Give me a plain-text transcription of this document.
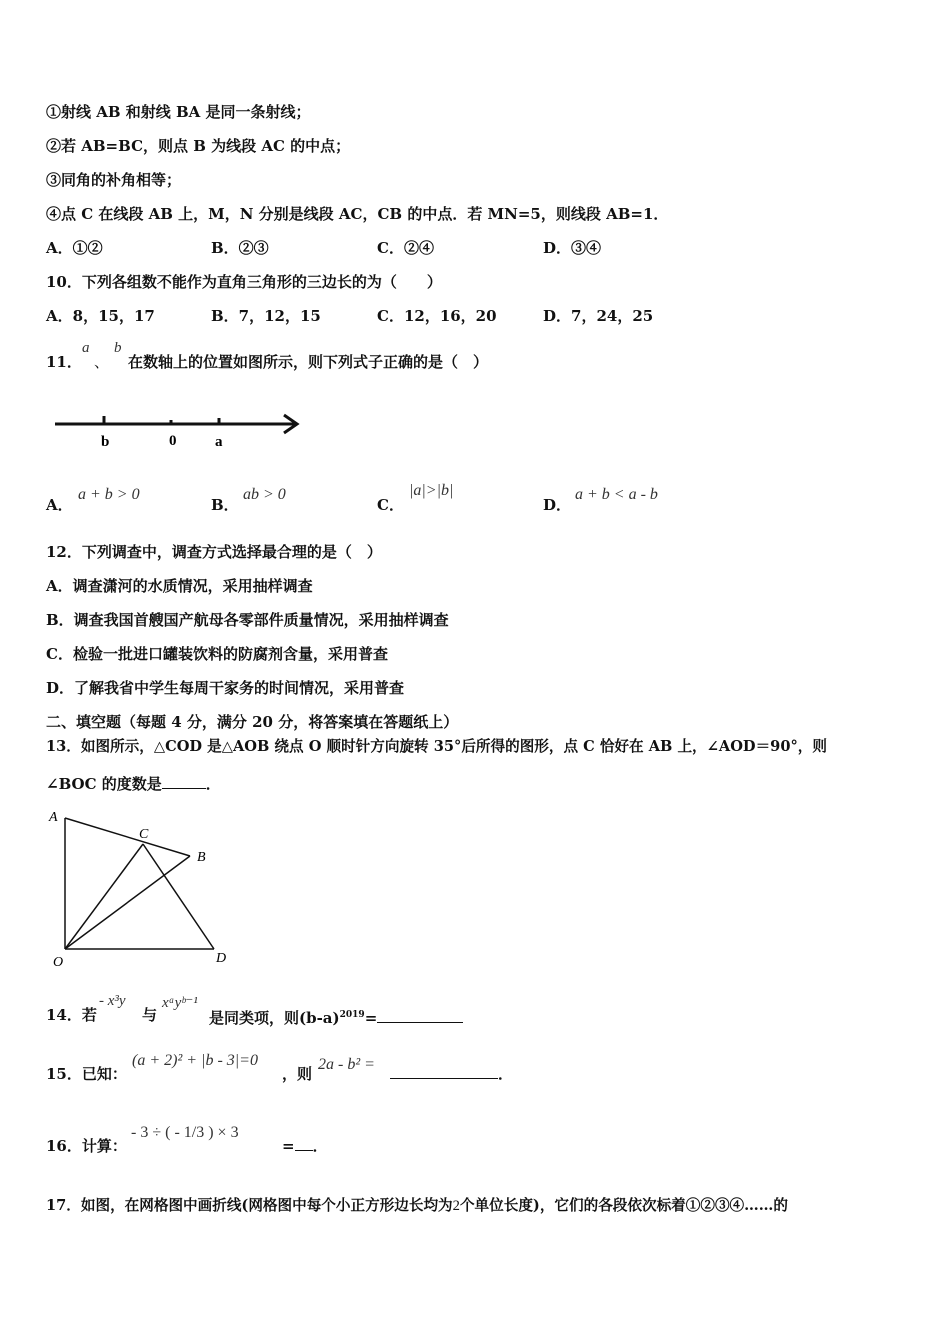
①射线 AB 和射线 BA 是同一条射线；
②若 AB=BC，则点 B 为线段 AC 的中点；
③同角的补角相等；
④点 C 在线段 AB 上，M，N 分别是线段 AC，CB 的中点．若 MN=5，则线段 AB=1．
A．①②	B．②③	C．②④	D．③④
10．下列各组数不能作为直角三角形的三边长的为（　　）
A．8，15，17	B．7，12，15	C．12，16，20	D．7，24，25
11．
a
、
b
在数轴上的位置如图所示，则下列式子正确的是（　）
b	0	a
A．
a + b > 0
B．
ab > 0
C．
|a|>|b|
D．
a + b < a - b
12．下列调查中，调查方式选择最合理的是（　）
A．调查潇河的水质情况，采用抽样调查
B．调查我国首艘国产航母各零部件质量情况，采用抽样调查
C．检验一批进口罐装饮料的防腐剂含量，采用普查
D．了解我省中学生每周干家务的时间情况，采用普查
二、填空题（每题 4 分，满分 20 分，将答案填在答题纸上）
13．如图所示，△COD 是△AOB 绕点 O 顺时针方向旋转 35°后所得的图形，点 C 恰好在 AB 上，∠AOD＝90°，则
∠BOC 的度数是	．
A
C
B
O	D
14．若
- x³y
与
xᵃyᵇ⁻¹
是同类项，则$(b-a)^{2019}=$
15．已知：
(a + 2)² + |b - 3|=0
，则
2a - b² =
．
16．计算：
- 3 ÷ ( - 1/3 ) × 3
= ．
17．如图，在网格图中画折线(网格图中每个小正方形边长均为2个单位长度)，它们的各段依次标着①②③④……的
